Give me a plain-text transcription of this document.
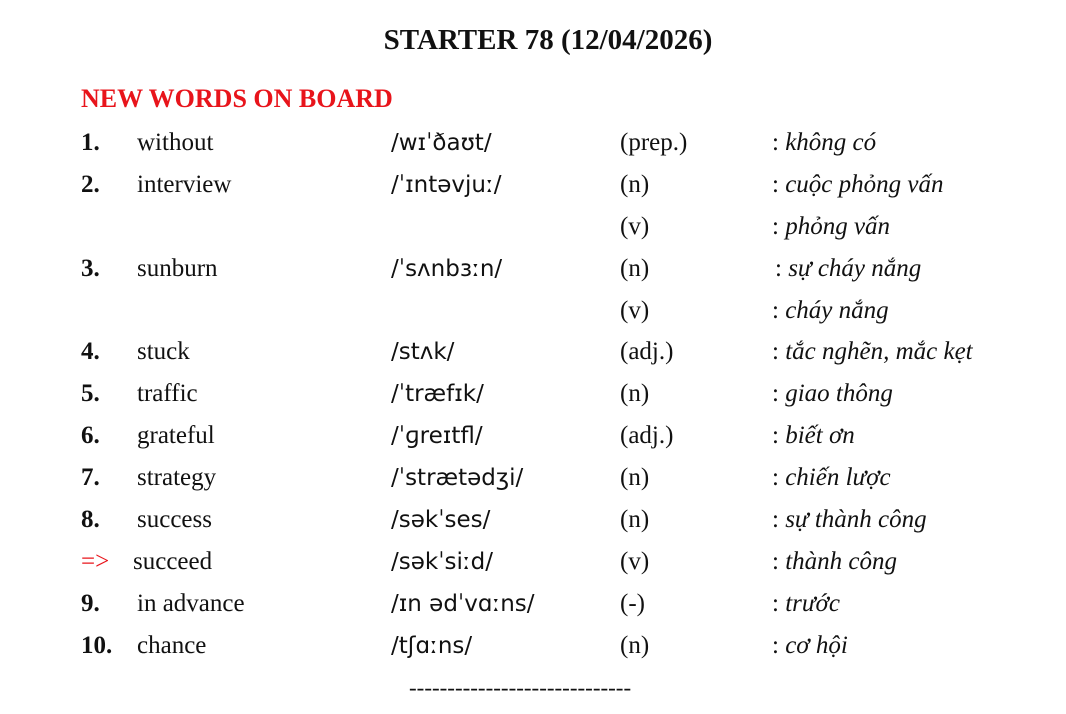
STARTER 78 (12/04/2026)
NEW WORDS ON BOARD
1. without	/wɪˈðaʊt/	(prep.)	: không có
2. interview	/ˈɪntəvjuː/	(n)	: cuộc phỏng vấn
(v)	: phỏng vấn
3. sunburn	/ˈsʌnbɜːn/	(n)	: sự cháy nắng
(v)	: cháy nắng
4. stuck	/stʌk/	(adj.)	: tắc nghẽn, mắc kẹt
5. traffic	/ˈtræfɪk/	(n)	: giao thông
6. grateful	/ˈɡreɪtfl/	(adj.)	: biết ơn
7. strategy	/ˈstrætədʒi/	(n)	: chiến lược
8. success	/səkˈses/	(n)	: sự thành công
=> succeed	/səkˈsiːd/	(v)	: thành công
9. in advance	/ɪn ədˈvɑːns/	(-)	: trước
10. chance	/tʃɑːns/	(n)	: cơ hội
-----------------------------
